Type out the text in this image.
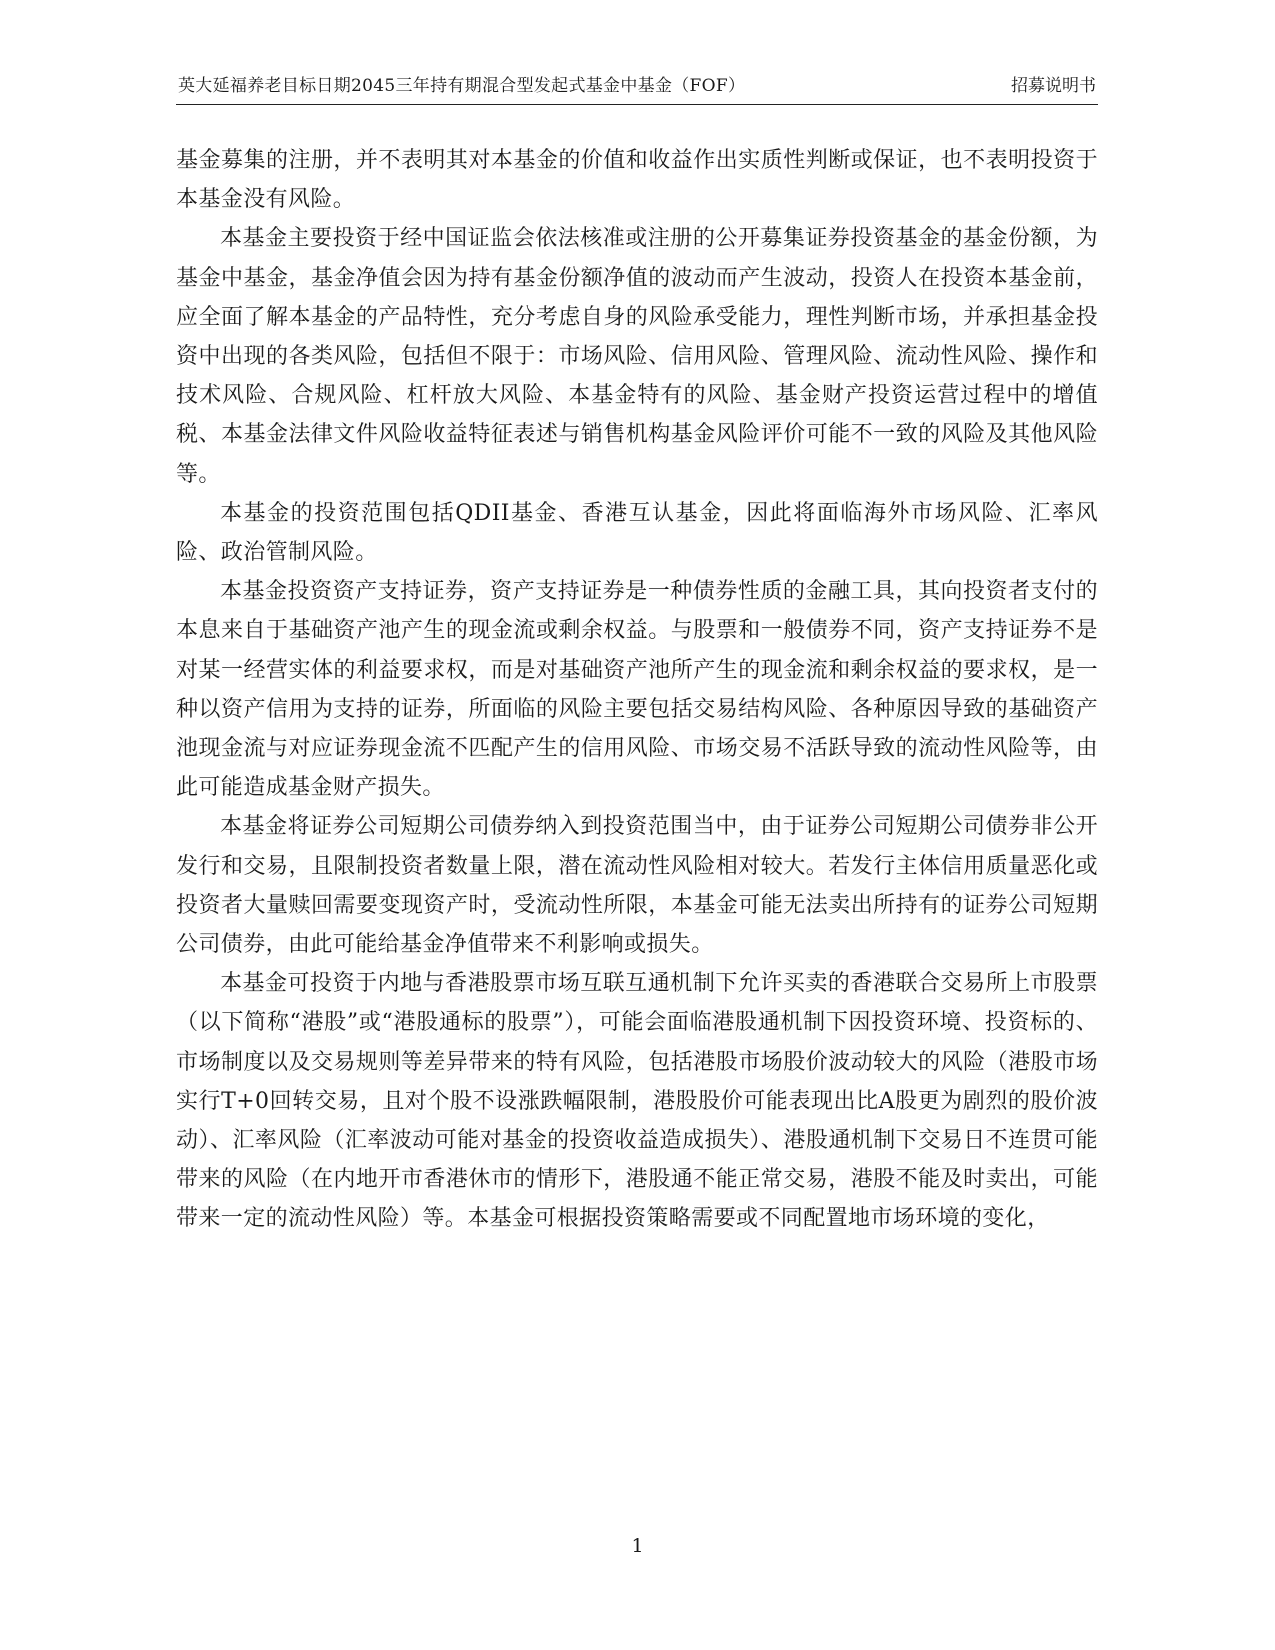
英大延福养老目标日期2045三年持有期混合型发起式基金中基金（FOF）	招募说明书

基金募集的注册，并不表明其对本基金的价值和收益作出实质性判断或保证，也不表明投资于本基金没有风险。

本基金主要投资于经中国证监会依法核准或注册的公开募集证券投资基金的基金份额，为基金中基金，基金净值会因为持有基金份额净值的波动而产生波动，投资人在投资本基金前，应全面了解本基金的产品特性，充分考虑自身的风险承受能力，理性判断市场，并承担基金投资中出现的各类风险，包括但不限于：市场风险、信用风险、管理风险、流动性风险、操作和技术风险、合规风险、杠杆放大风险、本基金特有的风险、基金财产投资运营过程中的增值税、本基金法律文件风险收益特征表述与销售机构基金风险评价可能不一致的风险及其他风险等。

本基金的投资范围包括QDII基金、香港互认基金，因此将面临海外市场风险、汇率风险、政治管制风险。

本基金投资资产支持证券，资产支持证券是一种债券性质的金融工具，其向投资者支付的本息来自于基础资产池产生的现金流或剩余权益。与股票和一般债券不同，资产支持证券不是对某一经营实体的利益要求权，而是对基础资产池所产生的现金流和剩余权益的要求权，是一种以资产信用为支持的证券，所面临的风险主要包括交易结构风险、各种原因导致的基础资产池现金流与对应证券现金流不匹配产生的信用风险、市场交易不活跃导致的流动性风险等，由此可能造成基金财产损失。

本基金将证券公司短期公司债券纳入到投资范围当中，由于证券公司短期公司债券非公开发行和交易，且限制投资者数量上限，潜在流动性风险相对较大。若发行主体信用质量恶化或投资者大量赎回需要变现资产时，受流动性所限，本基金可能无法卖出所持有的证券公司短期公司债券，由此可能给基金净值带来不利影响或损失。

本基金可投资于内地与香港股票市场互联互通机制下允许买卖的香港联合交易所上市股票（以下简称“港股”或“港股通标的股票”），可能会面临港股通机制下因投资环境、投资标的、市场制度以及交易规则等差异带来的特有风险，包括港股市场股价波动较大的风险（港股市场实行T+0回转交易，且对个股不设涨跌幅限制，港股股价可能表现出比A股更为剧烈的股价波动）、汇率风险（汇率波动可能对基金的投资收益造成损失）、港股通机制下交易日不连贯可能带来的风险（在内地开市香港休市的情形下，港股通不能正常交易，港股不能及时卖出，可能带来一定的流动性风险）等。本基金可根据投资策略需要或不同配置地市场环境的变化，

1
